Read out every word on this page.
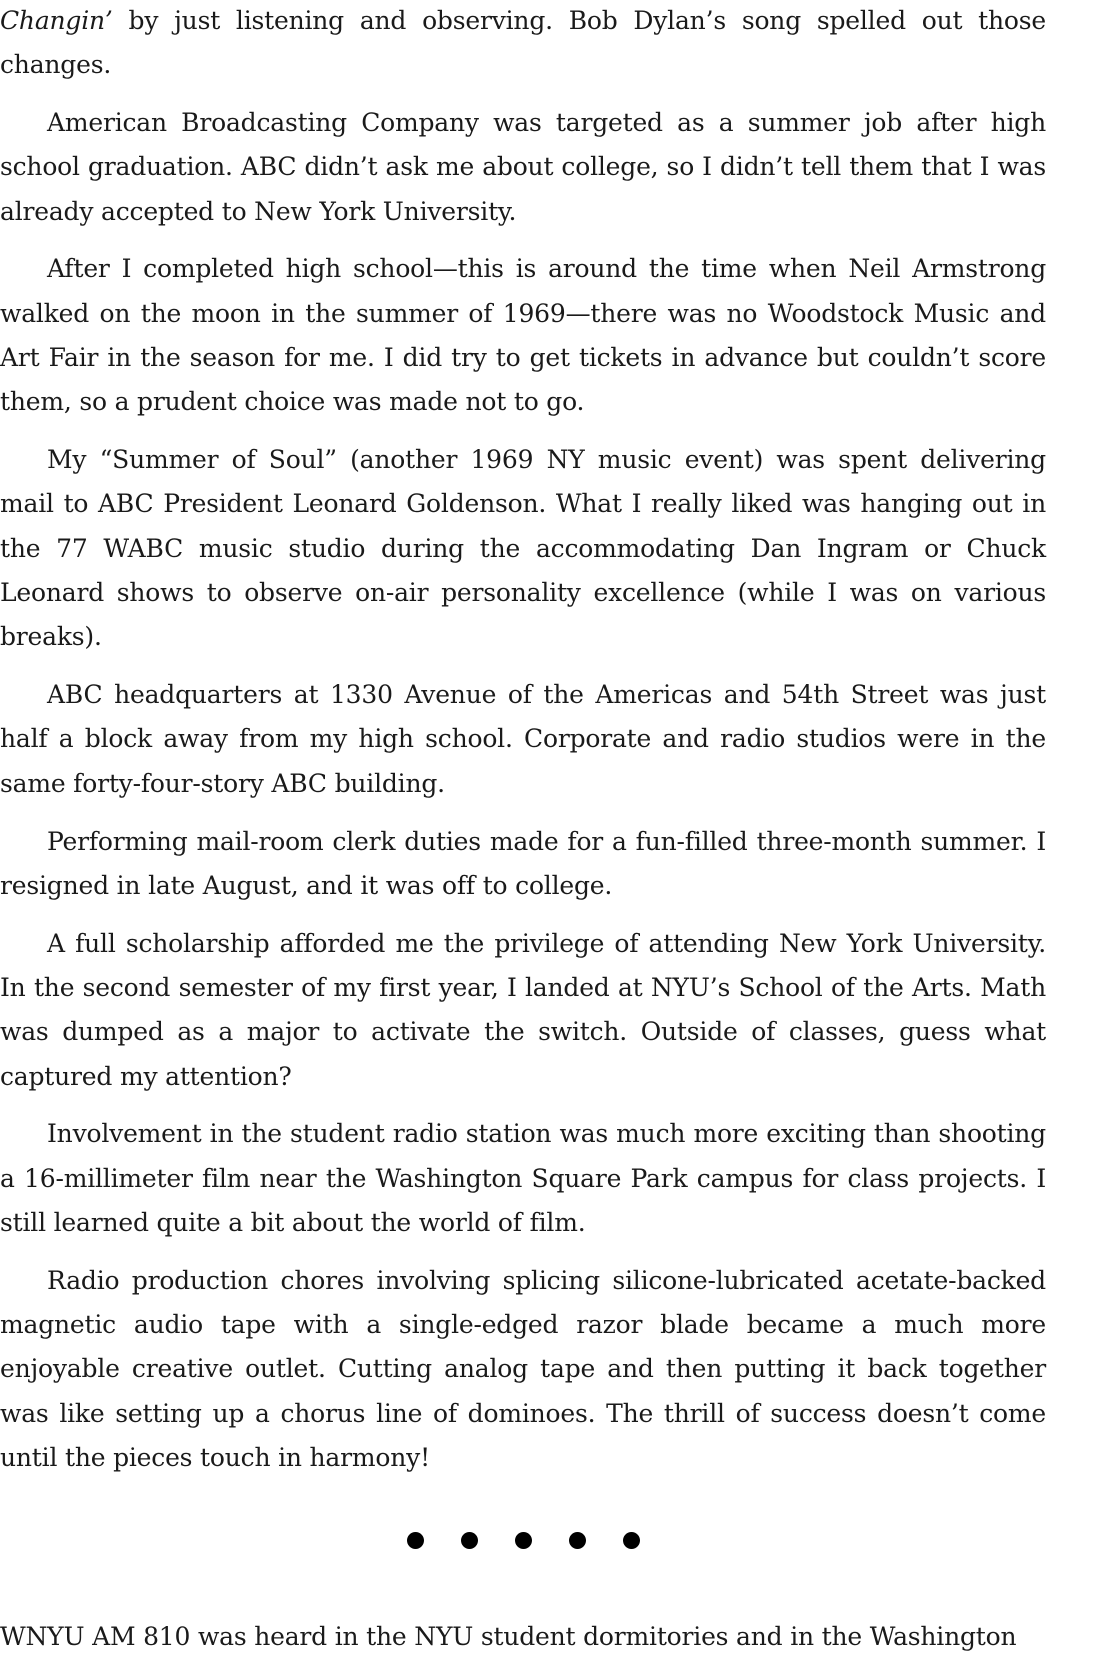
Changin’ by just listening and observing. Bob Dylan’s song spelled out those changes.

American Broadcasting Company was targeted as a summer job after high school graduation. ABC didn’t ask me about college, so I didn’t tell them that I was already accepted to New York University.

After I completed high school—this is around the time when Neil Armstrong walked on the moon in the summer of 1969—there was no Woodstock Music and Art Fair in the season for me. I did try to get tickets in advance but couldn’t score them, so a prudent choice was made not to go.

My “Summer of Soul” (another 1969 NY music event) was spent delivering mail to ABC President Leonard Goldenson. What I really liked was hanging out in the 77 WABC music studio during the accommodating Dan Ingram or Chuck Leonard shows to observe on-air personality excellence (while I was on various breaks).

ABC headquarters at 1330 Avenue of the Americas and 54th Street was just half a block away from my high school. Corporate and radio studios were in the same forty-four-story ABC building.

Performing mail-room clerk duties made for a fun-filled three-month summer. I resigned in late August, and it was off to college.

A full scholarship afforded me the privilege of attending New York University. In the second semester of my first year, I landed at NYU’s School of the Arts. Math was dumped as a major to activate the switch. Outside of classes, guess what captured my attention?

Involvement in the student radio station was much more exciting than shooting a 16-millimeter film near the Washington Square Park campus for class projects. I still learned quite a bit about the world of film.

Radio production chores involving splicing silicone-lubricated acetate-backed magnetic audio tape with a single-edged razor blade became a much more enjoyable creative outlet. Cutting analog tape and then putting it back together was like setting up a chorus line of dominoes. The thrill of success doesn’t come until the pieces touch in harmony!

WNYU AM 810 was heard in the NYU student dormitories and in the Washington
